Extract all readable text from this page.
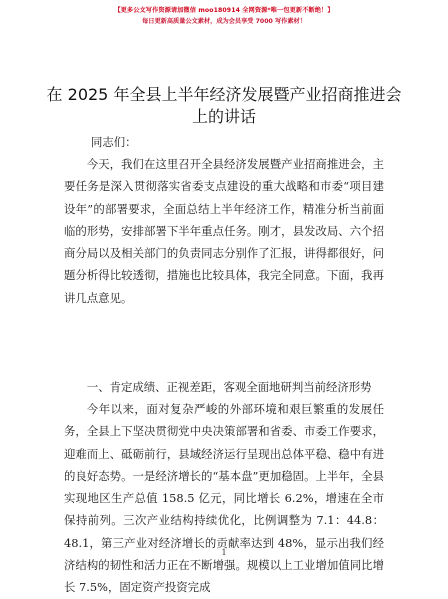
【更多公文写作资源请加微信 moo180914 全网资源*唯一包更新不断绝！】
每日更新高质量公文素材，成为会员享受 7000 写作素材！
在 2025 年全县上半年经济发展暨产业招商推进会上的讲话
同志们：
今天，我们在这里召开全县经济发展暨产业招商推进会，主要任务是深入贯彻落实省委支点建设的重大战略和市委“项目建设年”的部署要求，全面总结上半年经济工作，精准分析当前面临的形势，安排部署下半年重点任务。刚才，县发改局、六个招商分局以及相关部门的负责同志分别作了汇报，讲得都很好，问题分析得比较透彻，措施也比较具体，我完全同意。下面，我再讲几点意见。
一、肯定成绩、正视差距，客观全面地研判当前经济形势
今年以来，面对复杂严峻的外部环境和艰巨繁重的发展任务，全县上下坚决贯彻党中央决策部署和省委、市委工作要求，迎难而上、砥砺前行，县域经济运行呈现出总体平稳、稳中有进的良好态势。一是经济增长的“基本盘”更加稳固。上半年，全县实现地区生产总值 158.5 亿元，同比增长 6.2%，增速在全市保持前列。三次产业结构持续优化，比例调整为 7.1：44.8：48.1，第三产业对经济增长的贡献率达到 48%，显示出我们经济结构的韧性和活力正在不断增强。规模以上工业增加值同比增长 7.5%，固定资产投资完成
1
